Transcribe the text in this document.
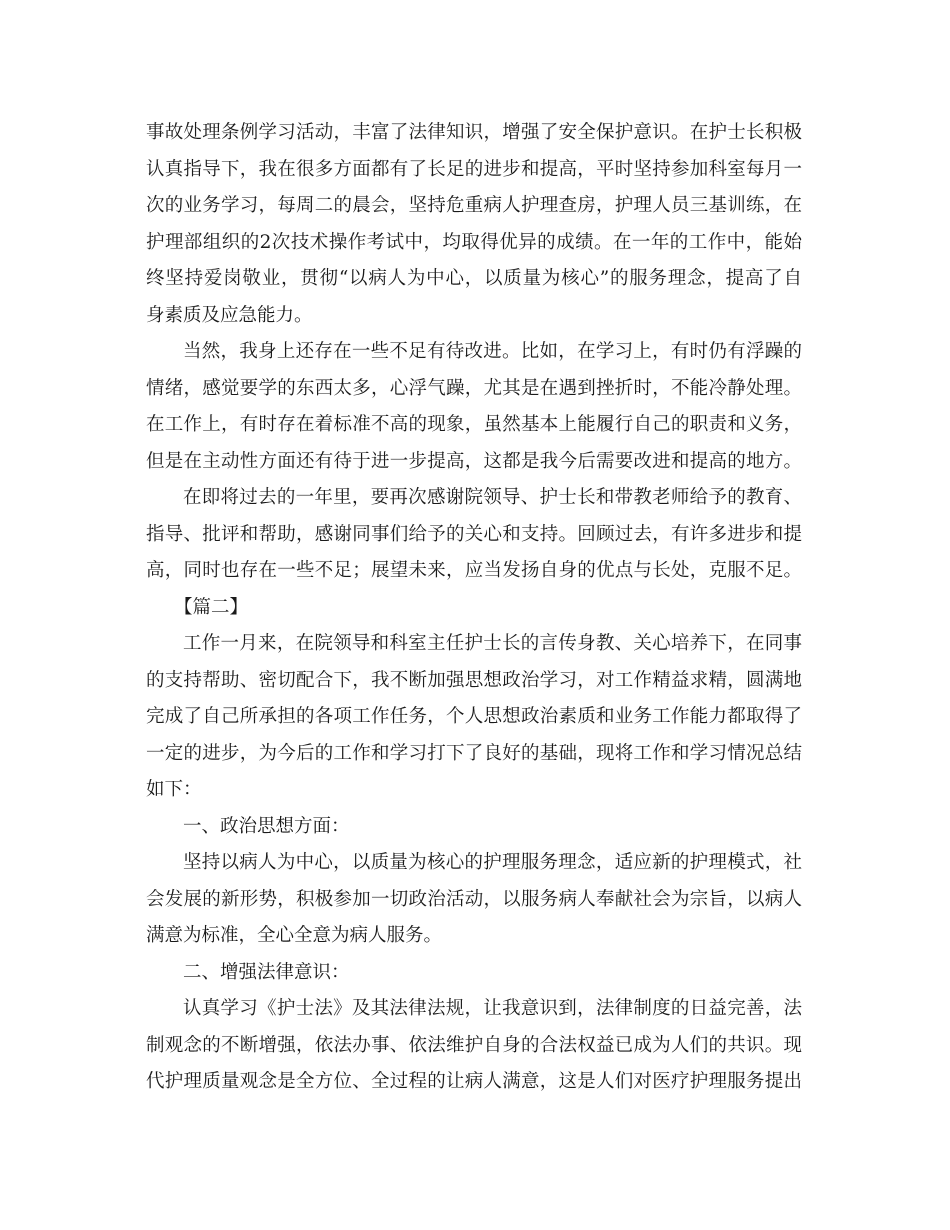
事故处理条例学习活动，丰富了法律知识，增强了安全保护意识。在护士长积极
认真指导下，我在很多方面都有了长足的进步和提高，平时坚持参加科室每月一
次的业务学习，每周二的晨会，坚持危重病人护理查房，护理人员三基训练，在
护理部组织的2次技术操作考试中，均取得优异的成绩。在一年的工作中，能始
终坚持爱岗敬业，贯彻“以病人为中心，以质量为核心”的服务理念，提高了自
身素质及应急能力。
当然，我身上还存在一些不足有待改进。比如，在学习上，有时仍有浮躁的
情绪，感觉要学的东西太多，心浮气躁，尤其是在遇到挫折时，不能冷静处理。
在工作上，有时存在着标准不高的现象，虽然基本上能履行自己的职责和义务，
但是在主动性方面还有待于进一步提高，这都是我今后需要改进和提高的地方。
在即将过去的一年里，要再次感谢院领导、护士长和带教老师给予的教育、
指导、批评和帮助，感谢同事们给予的关心和支持。回顾过去，有许多进步和提
高，同时也存在一些不足；展望未来，应当发扬自身的优点与长处，克服不足。
【篇二】
工作一月来，在院领导和科室主任护士长的言传身教、关心培养下，在同事
的支持帮助、密切配合下，我不断加强思想政治学习，对工作精益求精，圆满地
完成了自己所承担的各项工作任务，个人思想政治素质和业务工作能力都取得了
一定的进步，为今后的工作和学习打下了良好的基础，现将工作和学习情况总结
如下：
一、政治思想方面：
坚持以病人为中心，以质量为核心的护理服务理念，适应新的护理模式，社
会发展的新形势，积极参加一切政治活动，以服务病人奉献社会为宗旨，以病人
满意为标准，全心全意为病人服务。
二、增强法律意识：
认真学习《护士法》及其法律法规，让我意识到，法律制度的日益完善，法
制观念的不断增强，依法办事、依法维护自身的合法权益已成为人们的共识。现
代护理质量观念是全方位、全过程的让病人满意，这是人们对医疗护理服务提出
